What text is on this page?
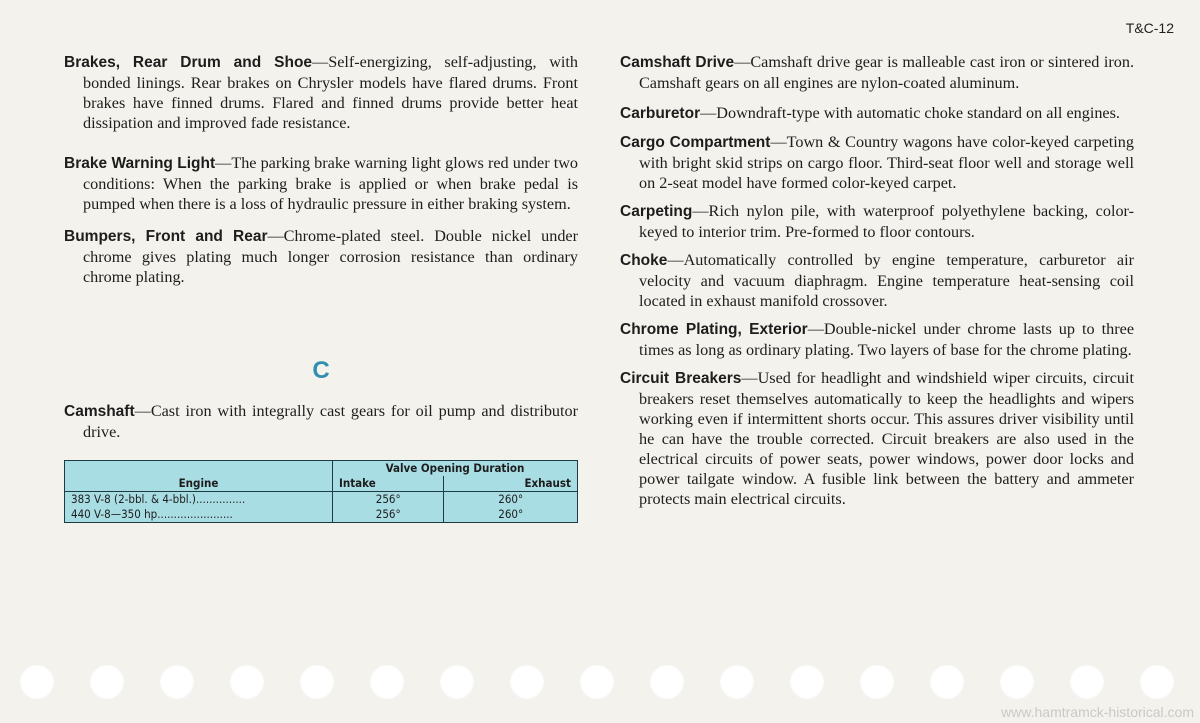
T&C-12

Brakes, Rear Drum and Shoe—Self-energizing, self-adjusting, with bonded linings. Rear brakes on Chrysler models have flared drums. Front brakes have finned drums. Flared and finned drums provide better heat dissipation and improved fade resistance.

Brake Warning Light—The parking brake warning light glows red under two conditions: When the parking brake is applied or when brake pedal is pumped when there is a loss of hydraulic pressure in either braking system.

Bumpers, Front and Rear—Chrome-plated steel. Double nickel under chrome gives plating much longer corrosion resistance than ordinary chrome plating.

C

Camshaft—Cast iron with integrally cast gears for oil pump and distributor drive.

Engine	Valve Opening Duration	
	Intake	Exhaust
383 V-8 (2-bbl. & 4-bbl.)...............	256°	260°
440 V-8—350 hp.......................	256°	260°

Camshaft Drive—Camshaft drive gear is malleable cast iron or sintered iron. Camshaft gears on all engines are nylon-coated aluminum.

Carburetor—Downdraft-type with automatic choke standard on all engines.

Cargo Compartment—Town & Country wagons have color-keyed carpeting with bright skid strips on cargo floor. Third-seat floor well and storage well on 2-seat model have formed color-keyed carpet.

Carpeting—Rich nylon pile, with waterproof polyethylene backing, color-keyed to interior trim. Pre-formed to floor contours.

Choke—Automatically controlled by engine temperature, carburetor air velocity and vacuum diaphragm. Engine temperature heat-sensing coil located in exhaust manifold crossover.

Chrome Plating, Exterior—Double-nickel under chrome lasts up to three times as long as ordinary plating. Two layers of base for the chrome plating.

Circuit Breakers—Used for headlight and windshield wiper circuits, circuit breakers reset themselves automatically to keep the headlights and wipers working even if intermittent shorts occur. This assures driver visibility until he can have the trouble corrected. Circuit breakers are also used in the electrical circuits of power seats, power windows, power door locks and power tailgate window. A fusible link between the battery and ammeter protects main electrical circuits.

www.hamtramck-historical.com
